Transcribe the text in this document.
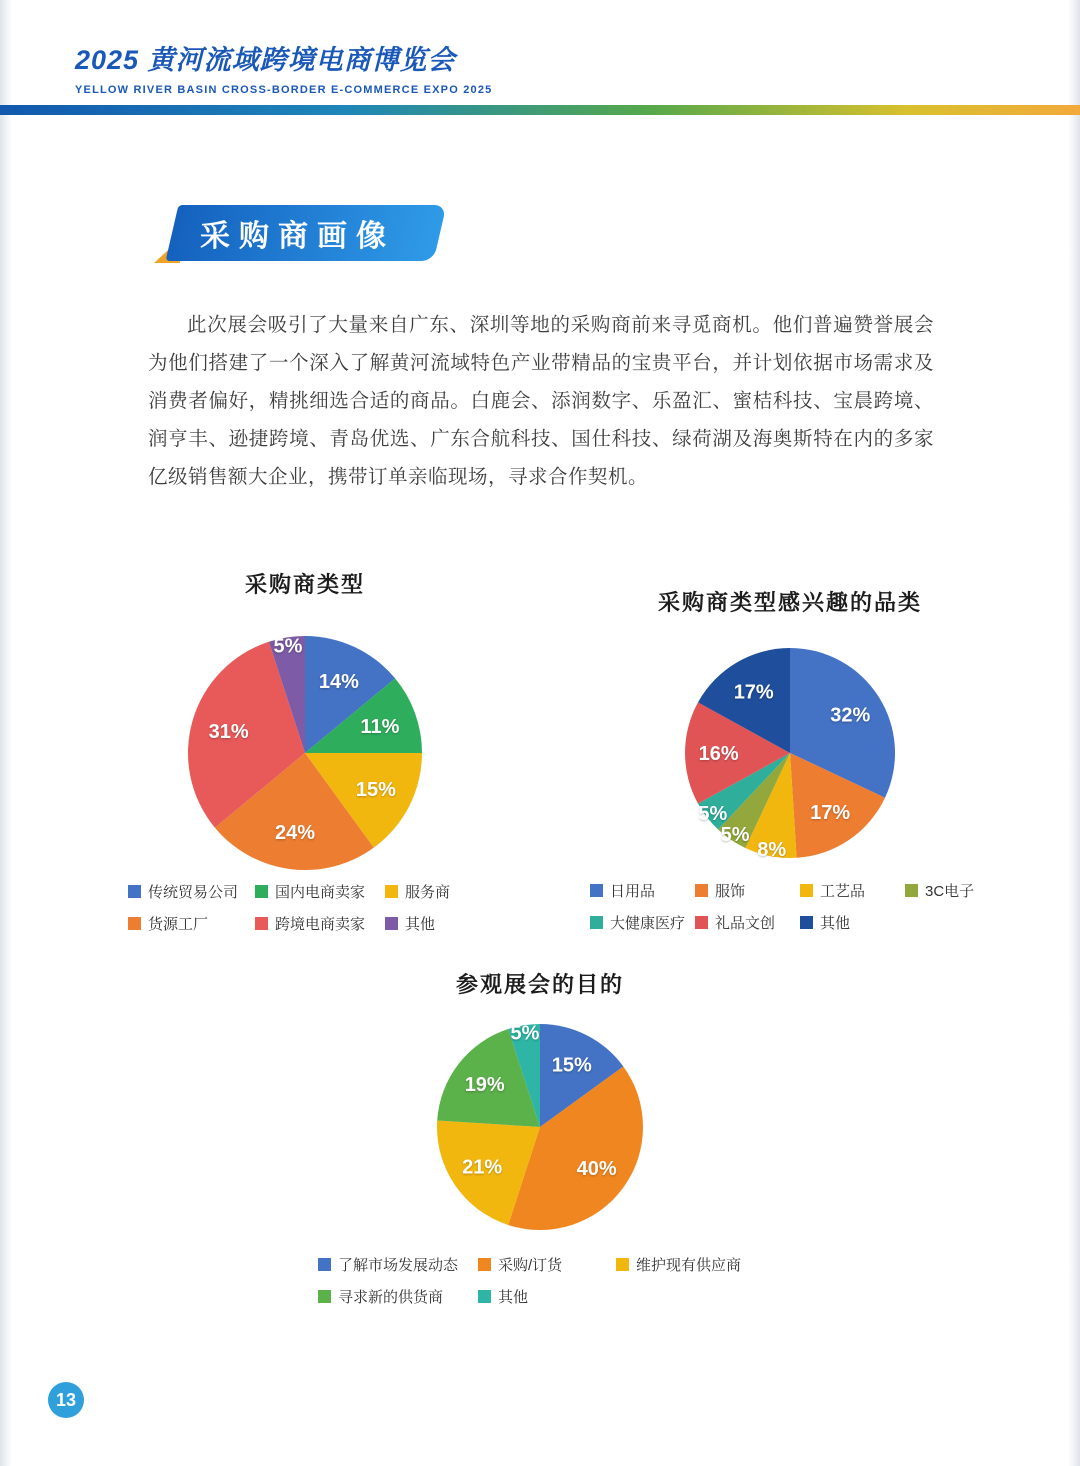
2025 黄河流域跨境电商博览会
YELLOW RIVER BASIN CROSS-BORDER E-COMMERCE EXPO 2025
采购商画像

此次展会吸引了大量来自广东、深圳等地的采购商前来寻觅商机。他们普遍赞誉展会为他们搭建了一个深入了解黄河流域特色产业带精品的宝贵平台，并计划依据市场需求及消费者偏好，精挑细选合适的商品。白鹿会、添润数字、乐盈汇、蜜桔科技、宝晨跨境、润亨丰、逊捷跨境、青岛优选、广东合航科技、国仕科技、绿荷湖及海奥斯特在内的多家亿级销售额大企业，携带订单亲临现场，寻求合作契机。

采购商类型
14%
11%
15%
24%
31%
5%
传统贸易公司 国内电商卖家	服务商
货源工厂	跨境电商卖家	其他
采购商类型感兴趣的品类
32%
17%
8%
5%
5%
16%
17%
日用品	服饰	工艺品	3C电子
大健康医疗 礼品文创	其他
参观展会的目的
15%
40%
21%
19%
5%
了解市场发展动态	采购/订货	维护现有供应商
寻求新的供货商	其他
13
